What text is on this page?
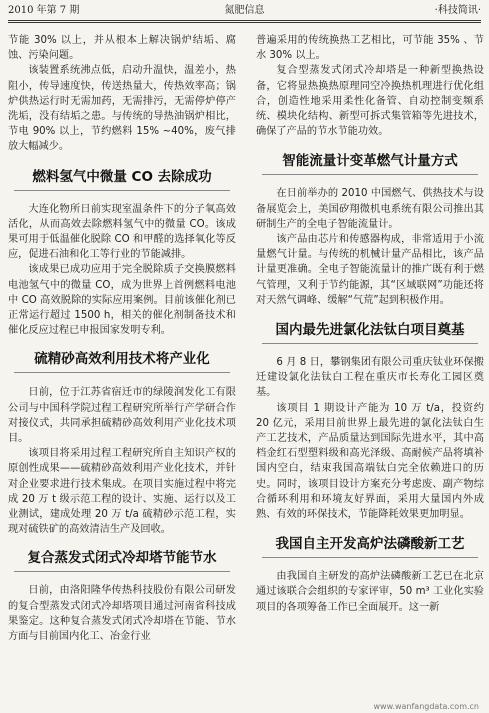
2010 年第 7 期	氮肥信息	·科技简讯·

节能 30% 以上，并从根本上解决锅炉结垢、腐蚀、污染问题。

该装置系统沸点低，启动升温快，温差小，热阻小，传导速度快，传送热量大，传热效率高；锅炉供热运行时无需加药，无需排污，无需停炉停产洗垢，没有结垢之患。与传统的导热油锅炉相比，节电 90% 以上，节约燃料 15% ~40%，废气排放大幅减少。

燃料氢气中微量 CO 去除成功

大连化物所日前实现室温条件下的分子氧高效活化，从而高效去除燃料氢气中的微量 CO。该成果可用于低温催化脱除 CO 和甲醛的选择氧化等反应，促进石油和化工等行业的节能减排。

该成果已成功应用于完全脱除质子交换膜燃料电池氢气中的微量 CO，成为世界上首例燃料电池中 CO 高效脱除的实际应用案例。目前该催化剂已正常运行超过 1500 h，相关的催化剂制备技术和催化反应过程已申报国家发明专利。

硫精砂高效利用技术将产业化

日前，位于江苏省宿迁市的绿陵润发化工有限公司与中国科学院过程工程研究所举行产学研合作对接仪式，共同承担硫精砂高效利用产业化技术项目。

该项目将采用过程工程研究所自主知识产权的原创性成果——硫精砂高效利用产业化技术，并针对企业要求进行技术集成。在项目实施过程中将完成 20 万 t 级示范工程的设计、实施、运行以及工业测试，建成处理 20 万 t/a 硫精砂示范工程，实现对硫铁矿的高效清洁生产及回收。

复合蒸发式闭式冷却塔节能节水

日前，由洛阳隆华传热科技股份有限公司研发的复合型蒸发式闭式冷却塔项目通过河南省科技成果鉴定。这种复合蒸发式闭式冷却塔在节能、节水方面与目前国内化工、冶金行业

普遍采用的传统换热工艺相比，可节能 35% 、节水 30% 以上。

复合型蒸发式闭式冷却塔是一种新型换热设备，它将显热换热原理同空冷换热机理进行优化组合，创造性地采用柔性化备管、自动控制变频系统、模块化结构、新型可拆式集管箱等先进技术，确保了产品的节水节能功效。

智能流量计变革燃气计量方式

在日前举办的 2010 中国燃气、供热技术与设备展览会上，美国矽翔微机电系统有限公司推出其研制生产的全电子智能流量计。

该产品由芯片和传感器构成，非常适用于小流量燃气计量。与传统的机械计量产品相比，该产品计量更准确。全电子智能流量计的推广既有利于燃气管理，又利于节约能源，其“区域联网”功能还将对天然气调峰、缓解“气荒”起到积极作用。

国内最先进氯化法钛白项目奠基

6 月 8 日，攀钢集团有限公司重庆钛业环保搬迁建设氯化法钛白工程在重庆市长寿化工园区奠基。

该项目 1 期设计产能为 10 万 t/a，投资约 20 亿元，采用目前世界上最先进的氯化法钛白生产工艺技术，产品质量达到国际先进水平，其中高档金红石型塑料级和高光泽级、高耐候产品将填补国内空白，结束我国高端钛白完全依赖进口的历史。同时，该项目设计方案充分考虑废、副产物综合循环利用和环境友好界面，采用大量国内外成熟、有效的环保技术，节能降耗效果更加明显。

我国自主开发高炉法磷酸新工艺

由我国自主研发的高炉法磷酸新工艺已在北京通过该联合会组织的专家评审，50 m³ 工业化实验项目的各项筹备工作已全面展开。这一新

www.wanfangdata.com.cn
